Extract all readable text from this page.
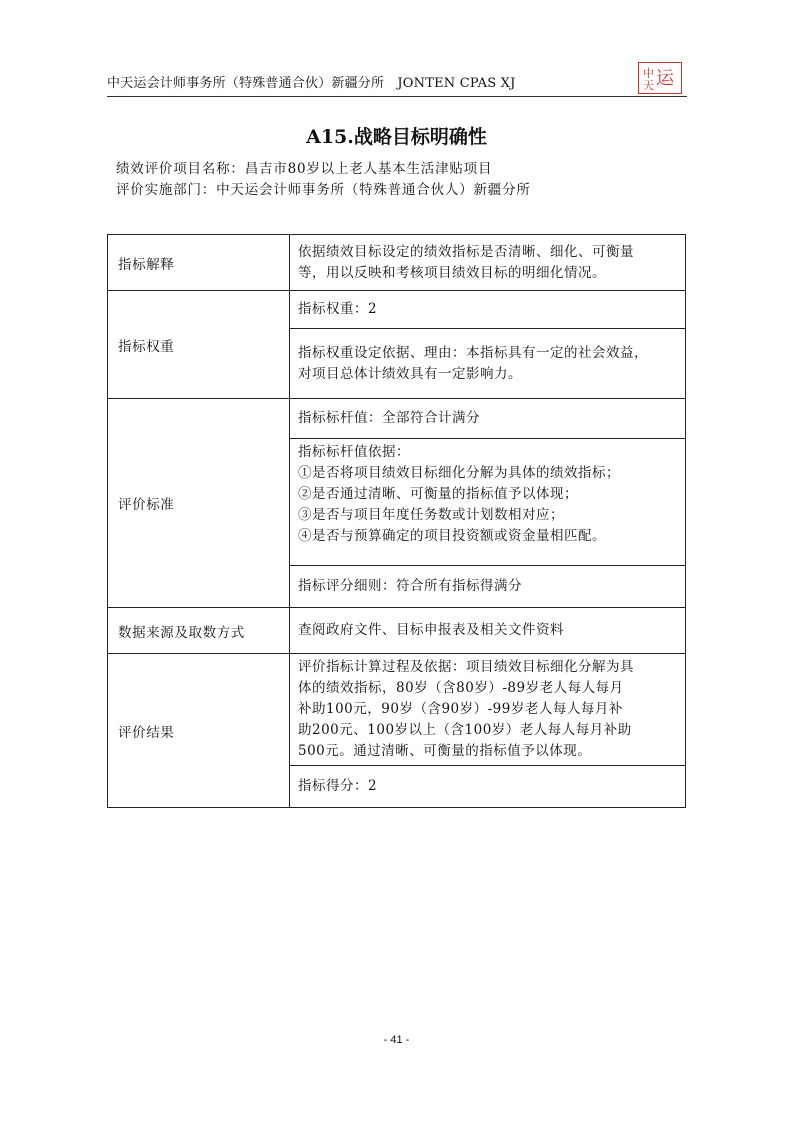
中天运会计师事务所（特殊普通合伙）新疆分所　JONTEN CPAS XJ
中
天 运
A15.战略目标明确性
绩效评价项目名称：昌吉市80岁以上老人基本生活津贴项目
评价实施部门：中天运会计师事务所（特殊普通合伙人）新疆分所
指标解释	依据绩效目标设定的绩效指标是否清晰、细化、可衡量
等，用以反映和考核项目绩效目标的明细化情况。

指标权重	指标权重：2

	指标权重设定依据、理由：本指标具有一定的社会效益，
对项目总体计绩效具有一定影响力。

评价标准	指标标杆值：全部符合计满分

	指标标杆值依据：
①是否将项目绩效目标细化分解为具体的绩效指标；
②是否通过清晰、可衡量的指标值予以体现；
③是否与项目年度任务数或计划数相对应；
④是否与预算确定的项目投资额或资金量相匹配。

	指标评分细则：符合所有指标得满分
数据来源及取数方式	查阅政府文件、目标申报表及相关文件资料
评价结果	评价指标计算过程及依据：项目绩效目标细化分解为具
体的绩效指标，80岁（含80岁）-89岁老人每人每月
补助100元，90岁（含90岁）-99岁老人每人每月补
助200元、100岁以上（含100岁）老人每人每月补助
500元。通过清晰、可衡量的指标值予以体现。

	指标得分：2
- 41 -
